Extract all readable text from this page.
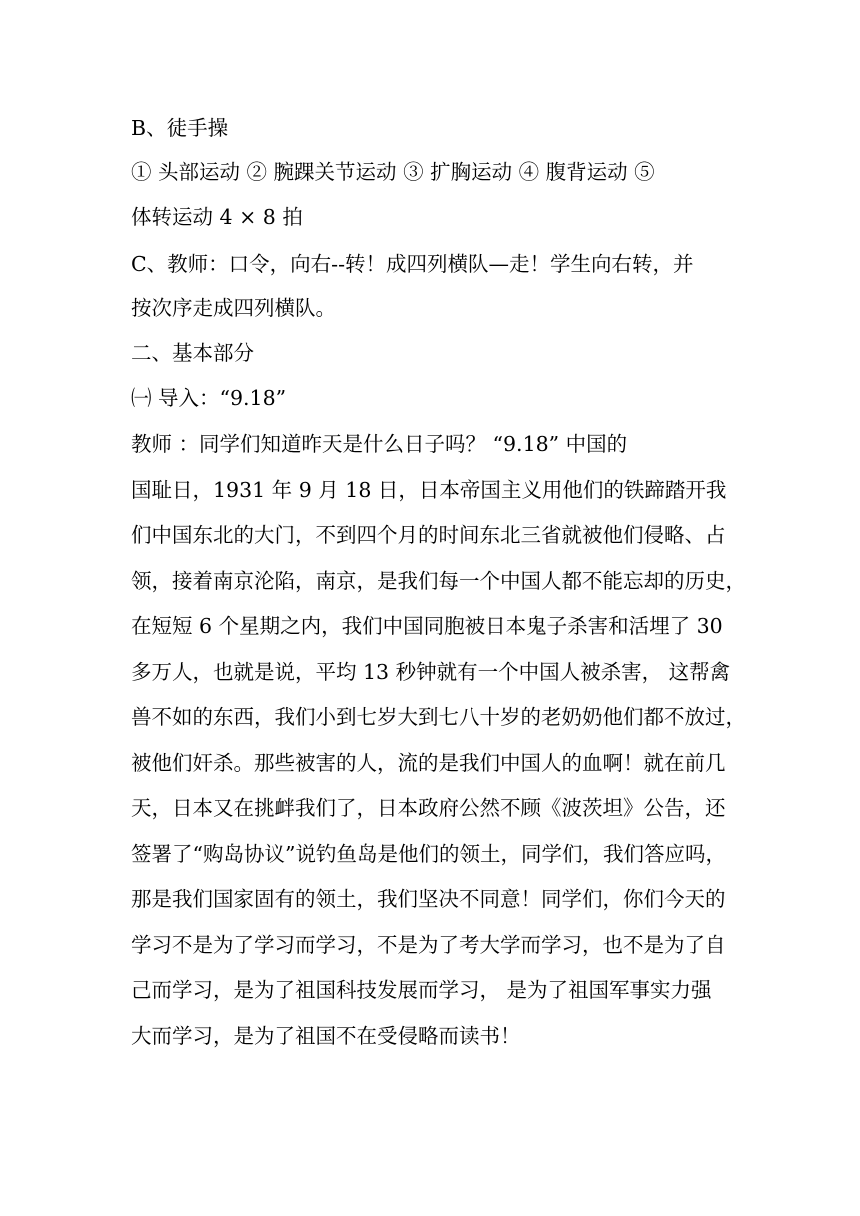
B、徒手操
① 头部运动 ② 腕踝关节运动 ③ 扩胸运动 ④ 腹背运动 ⑤
体转运动 4 × 8 拍
C、教师：口令，向右--转！成四列横队—走！学生向右转，并
按次序走成四列横队。
二、基本部分
㈠ 导入：“9.18”
教师 ：同学们知道昨天是什么日子吗？ “9.18” 中国的
国耻日，1931 年 9 月 18 日，日本帝国主义用他们的铁蹄踏开我
们中国东北的大门，不到四个月的时间东北三省就被他们侵略、占
领，接着南京沦陷，南京，是我们每一个中国人都不能忘却的历史，
在短短 6 个星期之内，我们中国同胞被日本鬼子杀害和活埋了 30
多万人，也就是说，平均 13 秒钟就有一个中国人被杀害， 这帮禽
兽不如的东西，我们小到七岁大到七八十岁的老奶奶他们都不放过，
被他们奸杀。那些被害的人，流的是我们中国人的血啊！就在前几
天，日本又在挑衅我们了，日本政府公然不顾《波茨坦》公告，还
签署了“购岛协议”说钓鱼岛是他们的领土，同学们，我们答应吗，
那是我们国家固有的领土，我们坚决不同意！同学们，你们今天的
学习不是为了学习而学习，不是为了考大学而学习，也不是为了自
己而学习，是为了祖国科技发展而学习， 是为了祖国军事实力强
大而学习，是为了祖国不在受侵略而读书！
